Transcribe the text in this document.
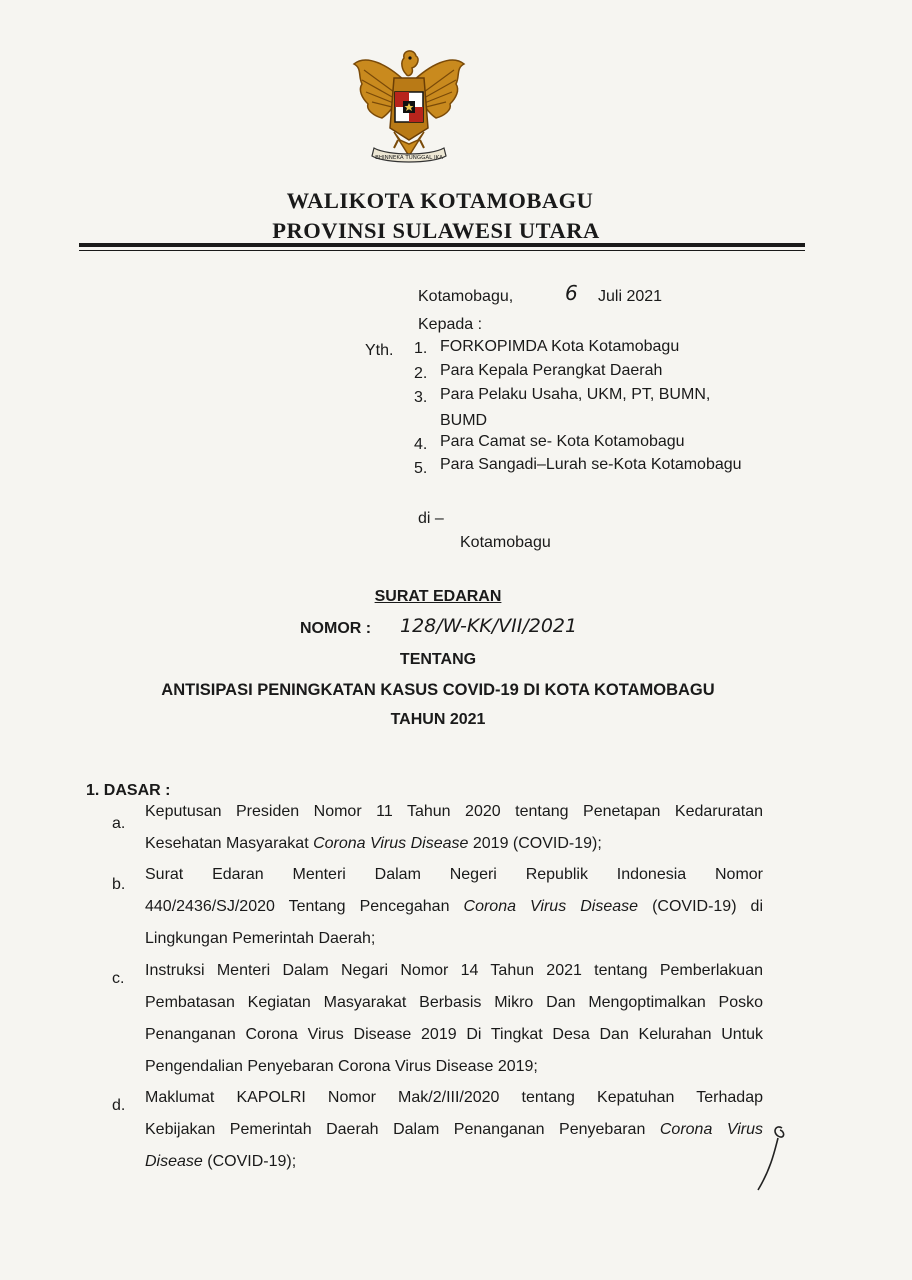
BHINNEKA TUNGGAL IKA
WALIKOTA KOTAMOBAGU
PROVINSI SULAWESI UTARA
Kotamobagu,	6 Juli 2021
Kepada :
Yth. 1. FORKOPIMDA Kota Kotamobagu
2. Para Kepala Perangkat Daerah
3. Para Pelaku Usaha, UKM, PT, BUMN,
BUMD
4. Para Camat se- Kota Kotamobagu
5. Para Sangadi–Lurah se-Kota Kotamobagu
di –
Kotamobagu
SURAT EDARAN
NOMOR : 128/W-KK/VII/2021
TENTANG
ANTISIPASI PENINGKATAN KASUS COVID-19 DI KOTA KOTAMOBAGU
TAHUN 2021
1. DASAR :
a.
Keputusan Presiden Nomor 11 Tahun 2020 tentang Penetapan Kedaruratan
Kesehatan Masyarakat Corona Virus Disease 2019 (COVID-19);
b.
Surat Edaran Menteri Dalam Negeri Republik Indonesia Nomor
440/2436/SJ/2020 Tentang Pencegahan Corona Virus Disease (COVID-19) di
Lingkungan Pemerintah Daerah;
c. Instruksi Menteri Dalam Negari Nomor 14 Tahun 2021 tentang Pemberlakuan
Pembatasan Kegiatan Masyarakat Berbasis Mikro Dan Mengoptimalkan Posko
Penanganan Corona Virus Disease 2019 Di Tingkat Desa Dan Kelurahan Untuk
Pengendalian Penyebaran Corona Virus Disease 2019;
d. Maklumat KAPOLRI Nomor Mak/2/III/2020 tentang Kepatuhan Terhadap
Kebijakan Pemerintah Daerah Dalam Penanganan Penyebaran Corona Virus
Disease (COVID-19);
